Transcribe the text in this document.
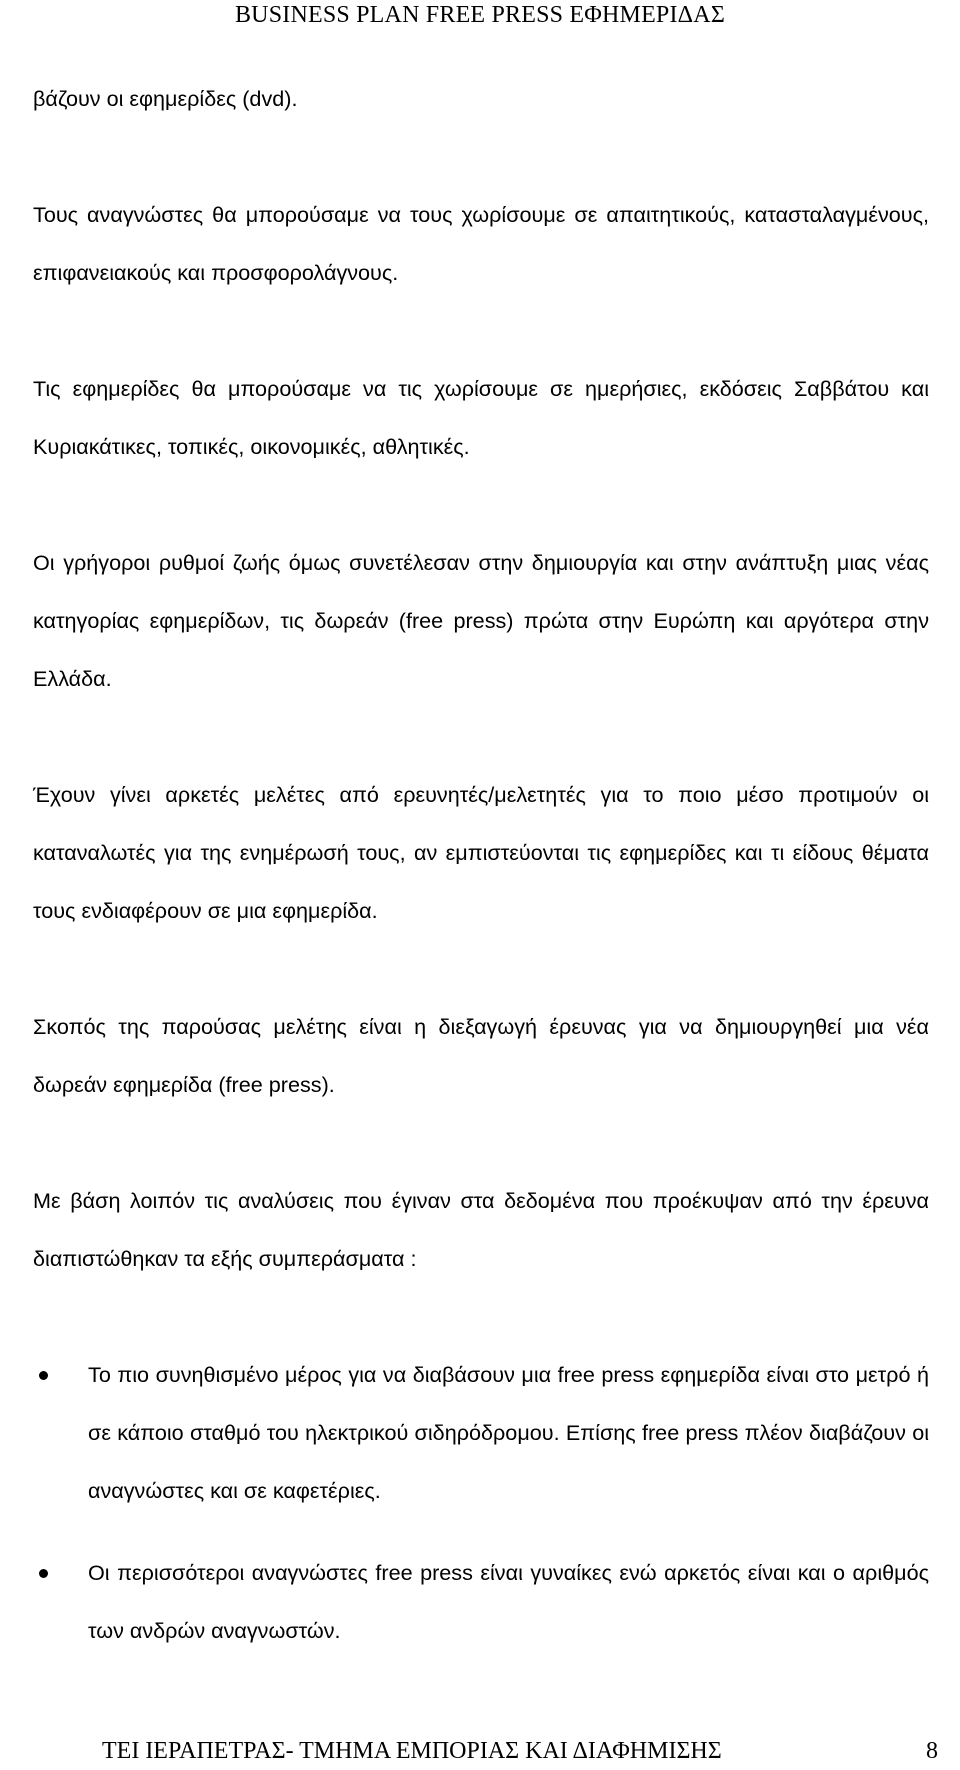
BUSINESS PLAN FREE PRESS ΕΦΗΜΕΡΙΔΑΣ

βάζουν οι εφημερίδες (dvd).

Τους αναγνώστες θα μπορούσαμε να τους χωρίσουμε σε απαιτητικούς, κατασταλαγμένους, επιφανειακούς και προσφορολάγνους.

Τις εφημερίδες θα μπορούσαμε να τις χωρίσουμε σε ημερήσιες, εκδόσεις Σαββάτου και Κυριακάτικες, τοπικές, οικονομικές, αθλητικές.

Οι γρήγοροι ρυθμοί ζωής όμως συνετέλεσαν στην δημιουργία και στην ανάπτυξη μιας νέας κατηγορίας εφημερίδων, τις δωρεάν (free press) πρώτα στην Ευρώπη και αργότερα στην Ελλάδα.

Έχουν γίνει αρκετές μελέτες από ερευνητές/μελετητές για το ποιο μέσο προτιμούν οι καταναλωτές για της ενημέρωσή τους, αν εμπιστεύονται τις εφημερίδες και τι είδους θέματα τους ενδιαφέρουν σε μια εφημερίδα.

Σκοπός της παρούσας μελέτης είναι η διεξαγωγή έρευνας για να δημιουργηθεί μια νέα δωρεάν εφημερίδα (free press).

Με βάση λοιπόν τις αναλύσεις που έγιναν στα δεδομένα που προέκυψαν από την έρευνα διαπιστώθηκαν τα εξής συμπεράσματα :

Το πιο συνηθισμένο μέρος για να διαβάσουν μια free press εφημερίδα είναι στο μετρό ή σε κάποιο σταθμό του ηλεκτρικού σιδηρόδρομου. Επίσης free press πλέον διαβάζουν οι αναγνώστες και σε καφετέριες.
Οι περισσότεροι αναγνώστες free press είναι γυναίκες ενώ αρκετός είναι και ο αριθμός των ανδρών αναγνωστών.
ΤΕΙ ΙΕΡΑΠΕΤΡΑΣ- ΤΜΗΜΑ ΕΜΠΟΡΙΑΣ ΚΑΙ ΔΙΑΦΗΜΙΣΗΣ	8
